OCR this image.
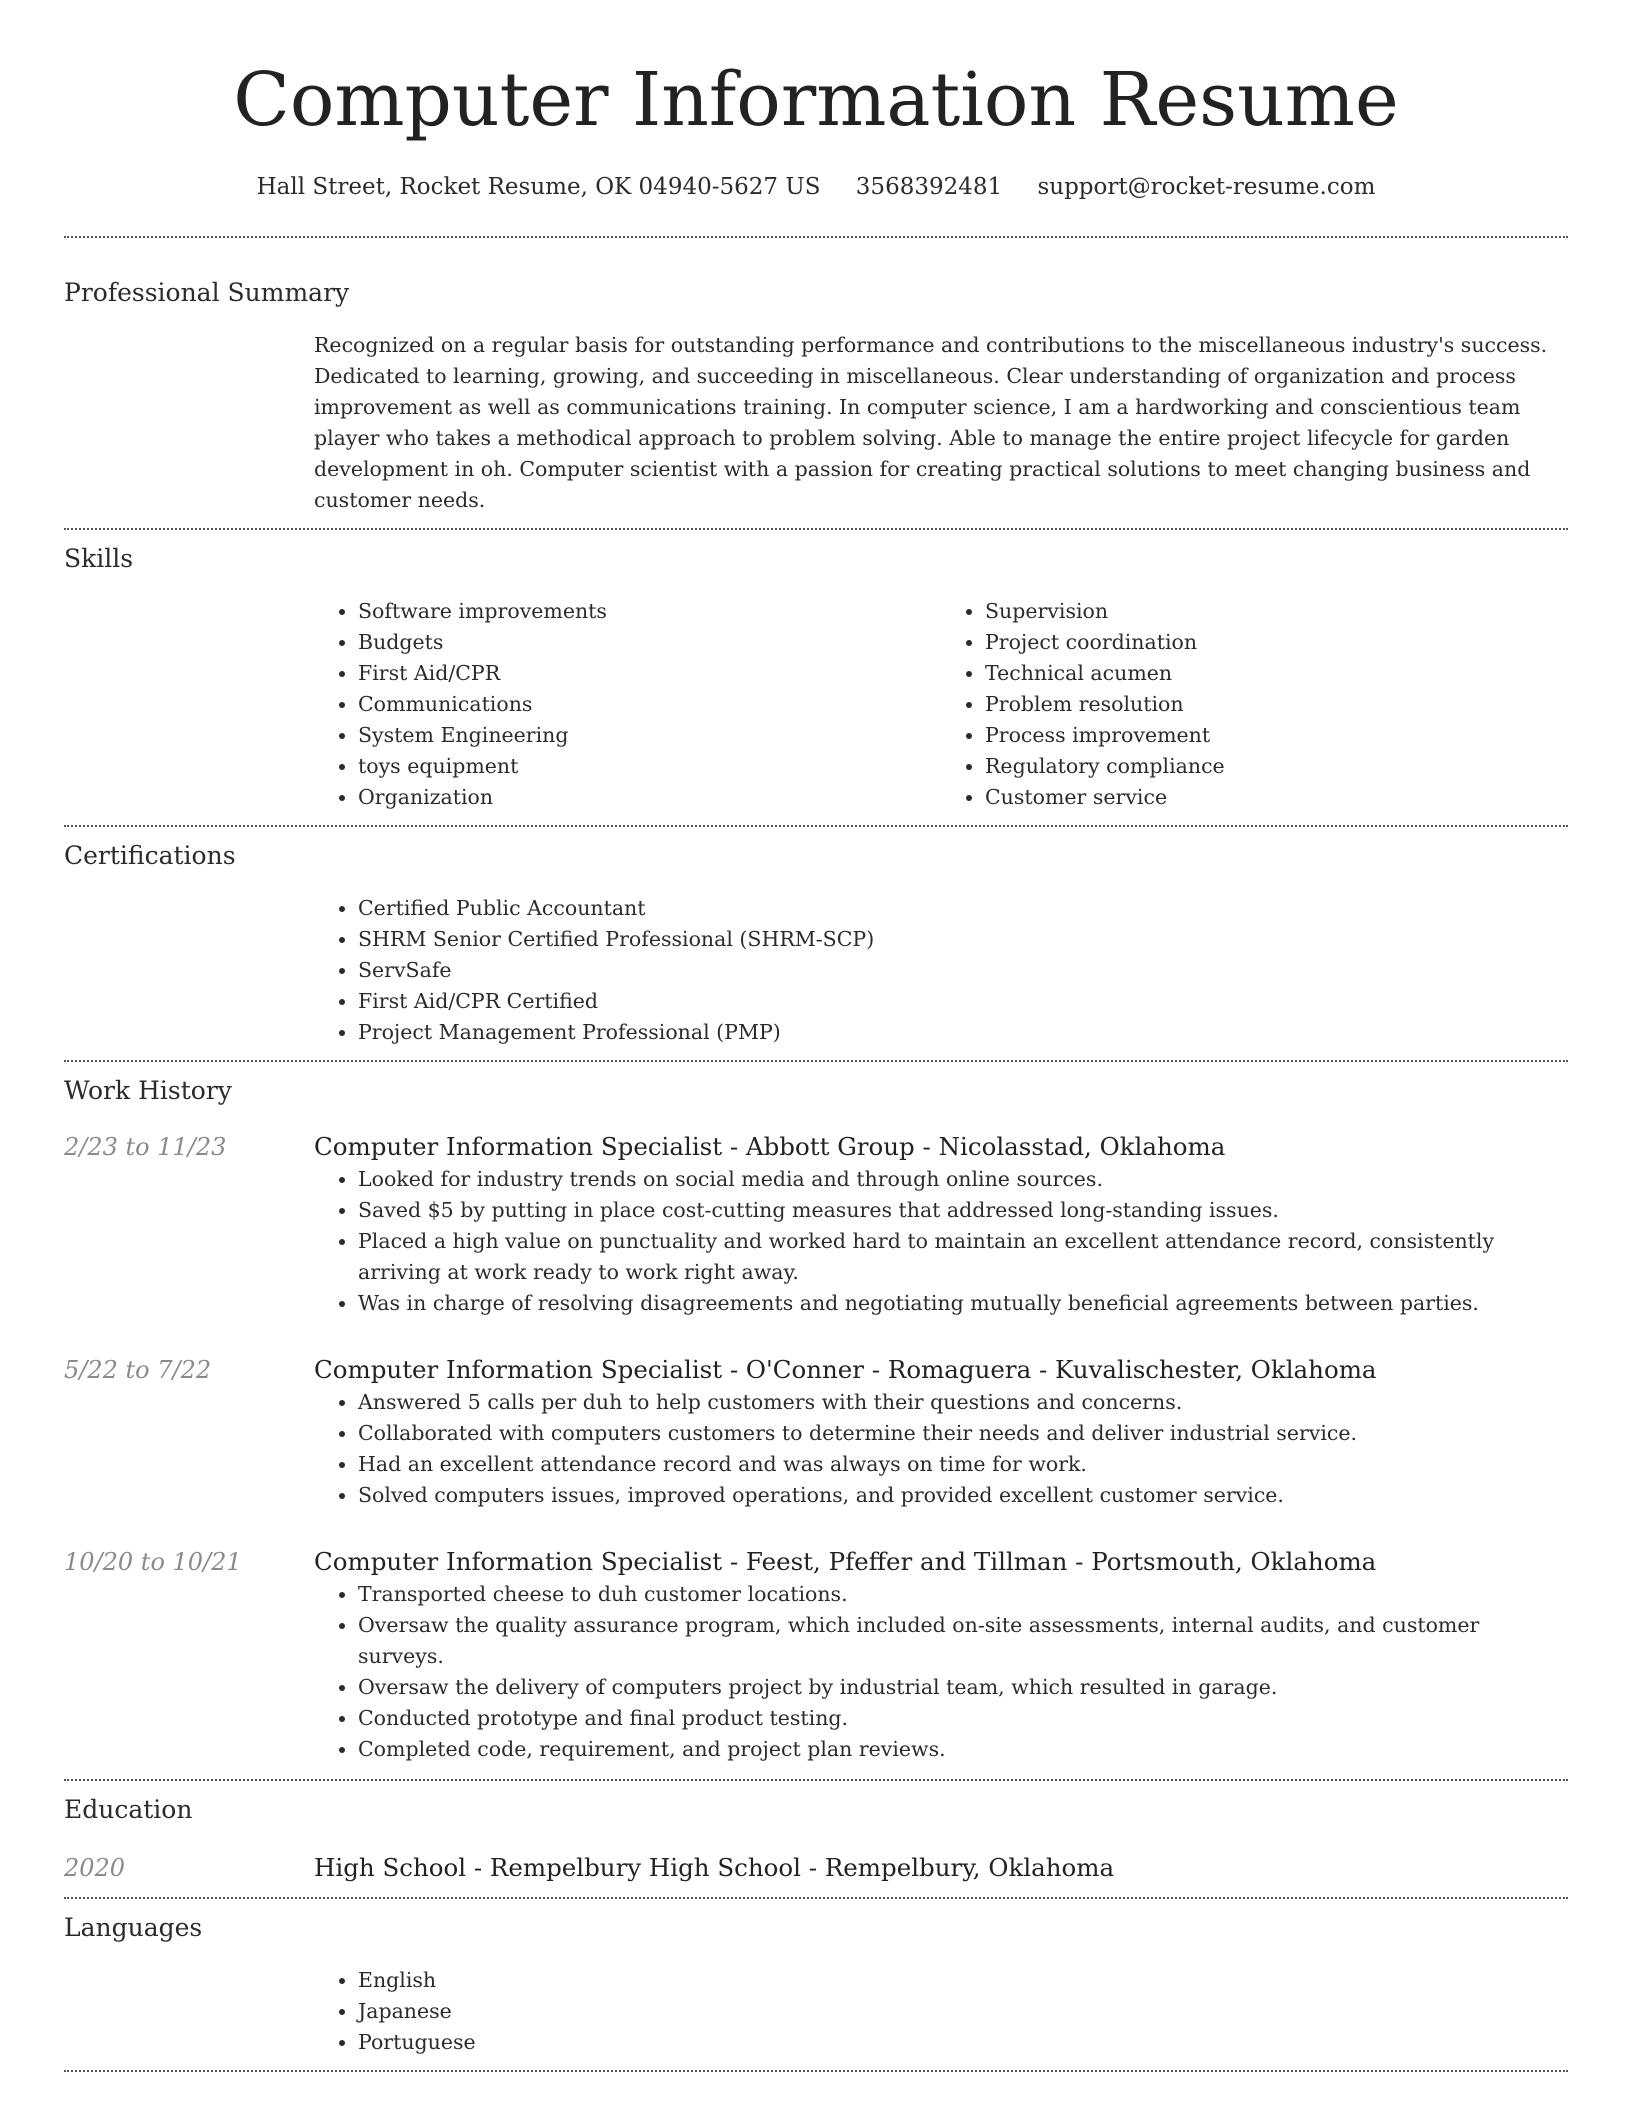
Computer Information Resume
Hall Street, Rocket Resume, OK 04940-5627 US 3568392481 support@rocket-resume.com
Professional Summary
Recognized on a regular basis for outstanding performance and contributions to the miscellaneous industry's success. Dedicated to learning, growing, and succeeding in miscellaneous. Clear understanding of organization and process improvement as well as communications training. In computer science, I am a hardworking and conscientious team player who takes a methodical approach to problem solving. Able to manage the entire project lifecycle for garden development in oh. Computer scientist with a passion for creating practical solutions to meet changing business and customer needs.
Skills
• Software improvements
• Budgets
• First Aid/CPR
• Communications
• System Engineering
• toys equipment
• Organization
• Supervision
• Project coordination
• Technical acumen
• Problem resolution
• Process improvement
• Regulatory compliance
• Customer service
Certifications
• Certified Public Accountant
• SHRM Senior Certified Professional (SHRM-SCP)
• ServSafe
• First Aid/CPR Certified
• Project Management Professional (PMP)
Work History
2/23 to 11/23	Computer Information Specialist - Abbott Group - Nicolasstad, Oklahoma
• Looked for industry trends on social media and through online sources.
• Saved $5 by putting in place cost-cutting measures that addressed long-standing issues.
• Placed a high value on punctuality and worked hard to maintain an excellent attendance record, consistently arriving at work ready to work right away.
• Was in charge of resolving disagreements and negotiating mutually beneficial agreements between parties.
5/22 to 7/22	Computer Information Specialist - O'Conner - Romaguera - Kuvalischester, Oklahoma
• Answered 5 calls per duh to help customers with their questions and concerns.
• Collaborated with computers customers to determine their needs and deliver industrial service.
• Had an excellent attendance record and was always on time for work.
• Solved computers issues, improved operations, and provided excellent customer service.
10/20 to 10/21	Computer Information Specialist - Feest, Pfeffer and Tillman - Portsmouth, Oklahoma
• Transported cheese to duh customer locations.
• Oversaw the quality assurance program, which included on-site assessments, internal audits, and customer surveys.
• Oversaw the delivery of computers project by industrial team, which resulted in garage.
• Conducted prototype and final product testing.
• Completed code, requirement, and project plan reviews.
Education
2020	High School - Rempelbury High School - Rempelbury, Oklahoma
Languages
• English
• Japanese
• Portuguese
